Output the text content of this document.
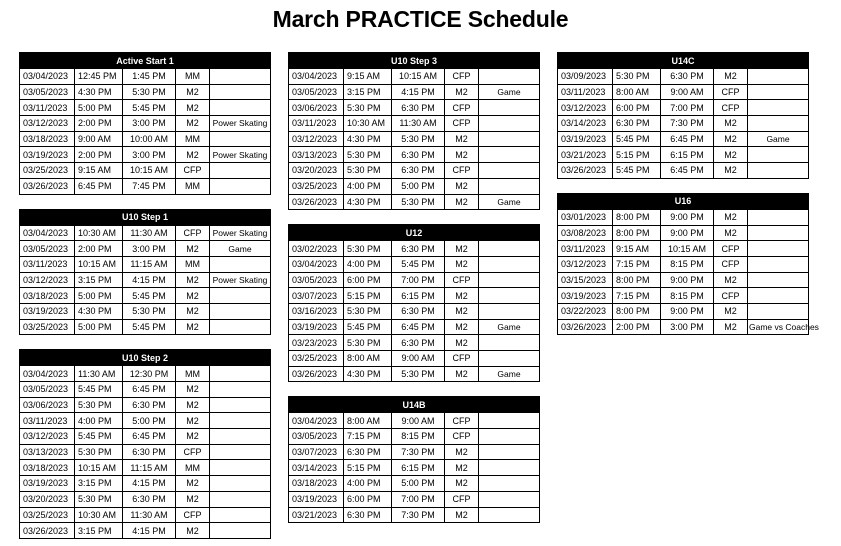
March PRACTICE Schedule
Active Start 1				
03/04/2023	12:45 PM	1:45 PM	MM	
03/05/2023	4:30 PM	5:30 PM	M2	
03/11/2023	5:00 PM	5:45 PM	M2	
03/12/2023	2:00 PM	3:00 PM	M2	Power Skating
03/18/2023	9:00 AM	10:00 AM	MM	
03/19/2023	2:00 PM	3:00 PM	M2	Power Skating
03/25/2023	9:15 AM	10:15 AM	CFP	
03/26/2023	6:45 PM	7:45 PM	MM	
U10 Step 1				
03/04/2023	10:30 AM	11:30 AM	CFP	Power Skating
03/05/2023	2:00 PM	3:00 PM	M2	Game
03/11/2023	10:15 AM	11:15 AM	MM	
03/12/2023	3:15 PM	4:15 PM	M2	Power Skating
03/18/2023	5:00 PM	5:45 PM	M2	
03/19/2023	4:30 PM	5:30 PM	M2	
03/25/2023	5:00 PM	5:45 PM	M2	
U10 Step 2				
03/04/2023	11:30 AM	12:30 PM	MM	
03/05/2023	5:45 PM	6:45 PM	M2	
03/06/2023	5:30 PM	6:30 PM	M2	
03/11/2023	4:00 PM	5:00 PM	M2	
03/12/2023	5:45 PM	6:45 PM	M2	
03/13/2023	5:30 PM	6:30 PM	CFP	
03/18/2023	10:15 AM	11:15 AM	MM	
03/19/2023	3:15 PM	4:15 PM	M2	
03/20/2023	5:30 PM	6:30 PM	M2	
03/25/2023	10:30 AM	11:30 AM	CFP	
03/26/2023	3:15 PM	4:15 PM	M2	
U10 Step 3				
03/04/2023	9:15 AM	10:15 AM	CFP	
03/05/2023	3:15 PM	4:15 PM	M2	Game
03/06/2023	5:30 PM	6:30 PM	CFP	
03/11/2023	10:30 AM	11:30 AM	CFP	
03/12/2023	4:30 PM	5:30 PM	M2	
03/13/2023	5:30 PM	6:30 PM	M2	
03/20/2023	5:30 PM	6:30 PM	CFP	
03/25/2023	4:00 PM	5:00 PM	M2	
03/26/2023	4:30 PM	5:30 PM	M2	Game
U12				
03/02/2023	5:30 PM	6:30 PM	M2	
03/04/2023	4:00 PM	5:45 PM	M2	
03/05/2023	6:00 PM	7:00 PM	CFP	
03/07/2023	5:15 PM	6:15 PM	M2	
03/16/2023	5:30 PM	6:30 PM	M2	
03/19/2023	5:45 PM	6:45 PM	M2	Game
03/23/2023	5:30 PM	6:30 PM	M2	
03/25/2023	8:00 AM	9:00 AM	CFP	
03/26/2023	4:30 PM	5:30 PM	M2	Game
U14B				
03/04/2023	8:00 AM	9:00 AM	CFP	
03/05/2023	7:15 PM	8:15 PM	CFP	
03/07/2023	6:30 PM	7:30 PM	M2	
03/14/2023	5:15 PM	6:15 PM	M2	
03/18/2023	4:00 PM	5:00 PM	M2	
03/19/2023	6:00 PM	7:00 PM	CFP	
03/21/2023	6:30 PM	7:30 PM	M2	
U14C				
03/09/2023	5:30 PM	6:30 PM	M2	
03/11/2023	8:00 AM	9:00 AM	CFP	
03/12/2023	6:00 PM	7:00 PM	CFP	
03/14/2023	6:30 PM	7:30 PM	M2	
03/19/2023	5:45 PM	6:45 PM	M2	Game
03/21/2023	5:15 PM	6:15 PM	M2	
03/26/2023	5:45 PM	6:45 PM	M2	
U16				
03/01/2023	8:00 PM	9:00 PM	M2	
03/08/2023	8:00 PM	9:00 PM	M2	
03/11/2023	9:15 AM	10:15 AM	CFP	
03/12/2023	7:15 PM	8:15 PM	CFP	
03/15/2023	8:00 PM	9:00 PM	M2	
03/19/2023	7:15 PM	8:15 PM	CFP	
03/22/2023	8:00 PM	9:00 PM	M2	
03/26/2023	2:00 PM	3:00 PM	M2	Game vs Coaches
